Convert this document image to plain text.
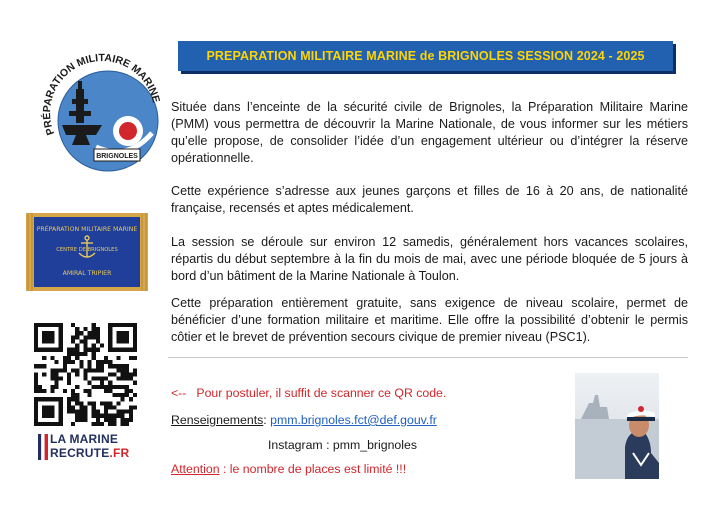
PREPARATION MILITAIRE MARINE de BRIGNOLES SESSION 2024 - 2025
BRIGNOLES
PRÉPARATION MILITAIRE MARINE
PRÉPARATION MILITAIRE MARINE
CENTRE DE BRIGNOLES
AMIRAL TRIPIER

Située dans l’enceinte de la sécurité civile de Brignoles, la Préparation Militaire Marine (PMM) vous permettra de découvrir la Marine Nationale, de vous informer sur les métiers qu’elle propose, de consolider l’idée d’un engagement ultérieur ou d’intégrer la réserve opérationnelle.

Cette expérience s’adresse aux jeunes garçons et filles de 16 à 20 ans, de nationalité française, recensés et aptes médicalement.

La session se déroule sur environ 12 samedis, généralement hors vacances scolaires, répartis du début septembre à la fin du mois de mai, avec une période bloquée de 5 jours à bord d’un bâtiment de la Marine Nationale à Toulon.

Cette préparation entièrement gratuite, sans exigence de niveau scolaire, permet de bénéficier d’une formation militaire et maritime. Elle offre la possibilité d’obtenir le permis côtier et le brevet de prévention secours civique de premier niveau (PSC1).

<-- Pour postuler, il suffit de scanner ce QR code.
Renseignements: pmm.brignoles.fct@def.gouv.fr
Instagram : pmm_brignoles
Attention : le nombre de places est limité !!!
LA MARINE
RECRUTE.FR
